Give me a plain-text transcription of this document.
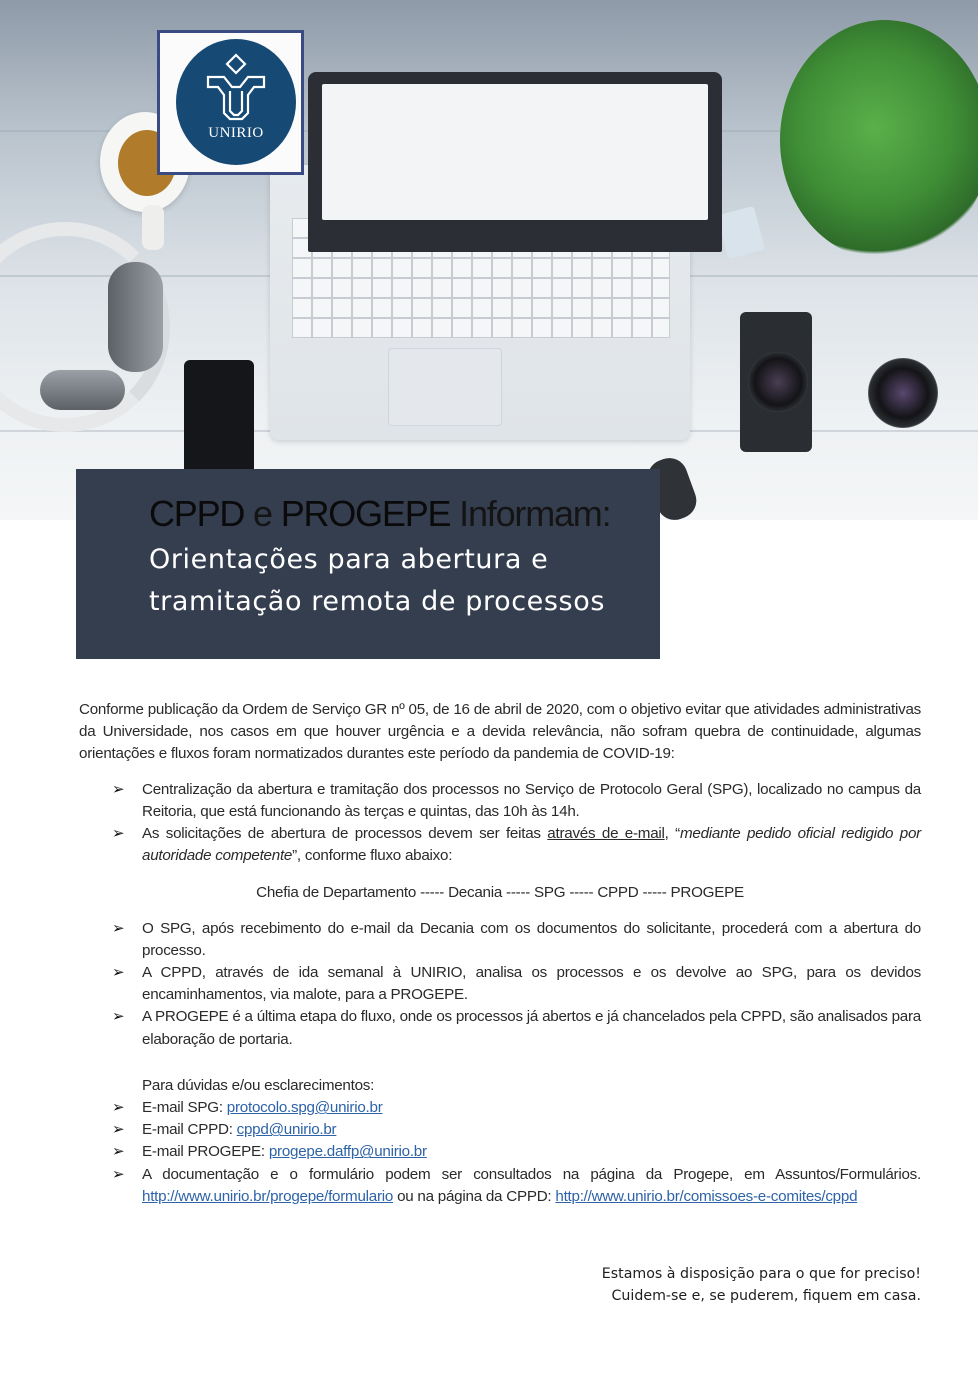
UNIRIO
CPPD e PROGEPE Informam:
Orientações para abertura e
tramitação remota de processos

Conforme publicação da Ordem de Serviço GR nº 05, de 16 de abril de 2020, com o objetivo evitar que atividades administrativas da Universidade, nos casos em que houver urgência e a devida relevância, não sofram quebra de continuidade, algumas orientações e fluxos foram normatizados durantes este período da pandemia de COVID-19:

➢ Centralização da abertura e tramitação dos processos no Serviço de Protocolo Geral (SPG), localizado no campus da Reitoria, que está funcionando às terças e quintas, das 10h às 14h.
➢ As solicitações de abertura de processos devem ser feitas através de e-mail, “mediante pedido oficial redigido por autoridade competente”, conforme fluxo abaixo:

Chefia de Departamento ----- Decania ----- SPG ----- CPPD ----- PROGEPE

➢ O SPG, após recebimento do e-mail da Decania com os documentos do solicitante, procederá com a abertura do processo.
➢ A CPPD, através de ida semanal à UNIRIO, analisa os processos e os devolve ao SPG, para os devidos encaminhamentos, via malote, para a PROGEPE.
➢ A PROGEPE é a última etapa do fluxo, onde os processos já abertos e já chancelados pela CPPD, são analisados para elaboração de portaria.

Para dúvidas e/ou esclarecimentos:

➢ E-mail SPG: protocolo.spg@unirio.br
➢ E-mail CPPD: cppd@unirio.br
➢ E-mail PROGEPE: progepe.daffp@unirio.br
➢ A documentação e o formulário podem ser consultados na página da Progepe, em Assuntos/Formulários. http://www.unirio.br/progepe/formulario ou na página da CPPD: http://www.unirio.br/comissoes-e-comites/cppd
Estamos à disposição para o que for preciso!
Cuidem-se e, se puderem, fiquem em casa.
